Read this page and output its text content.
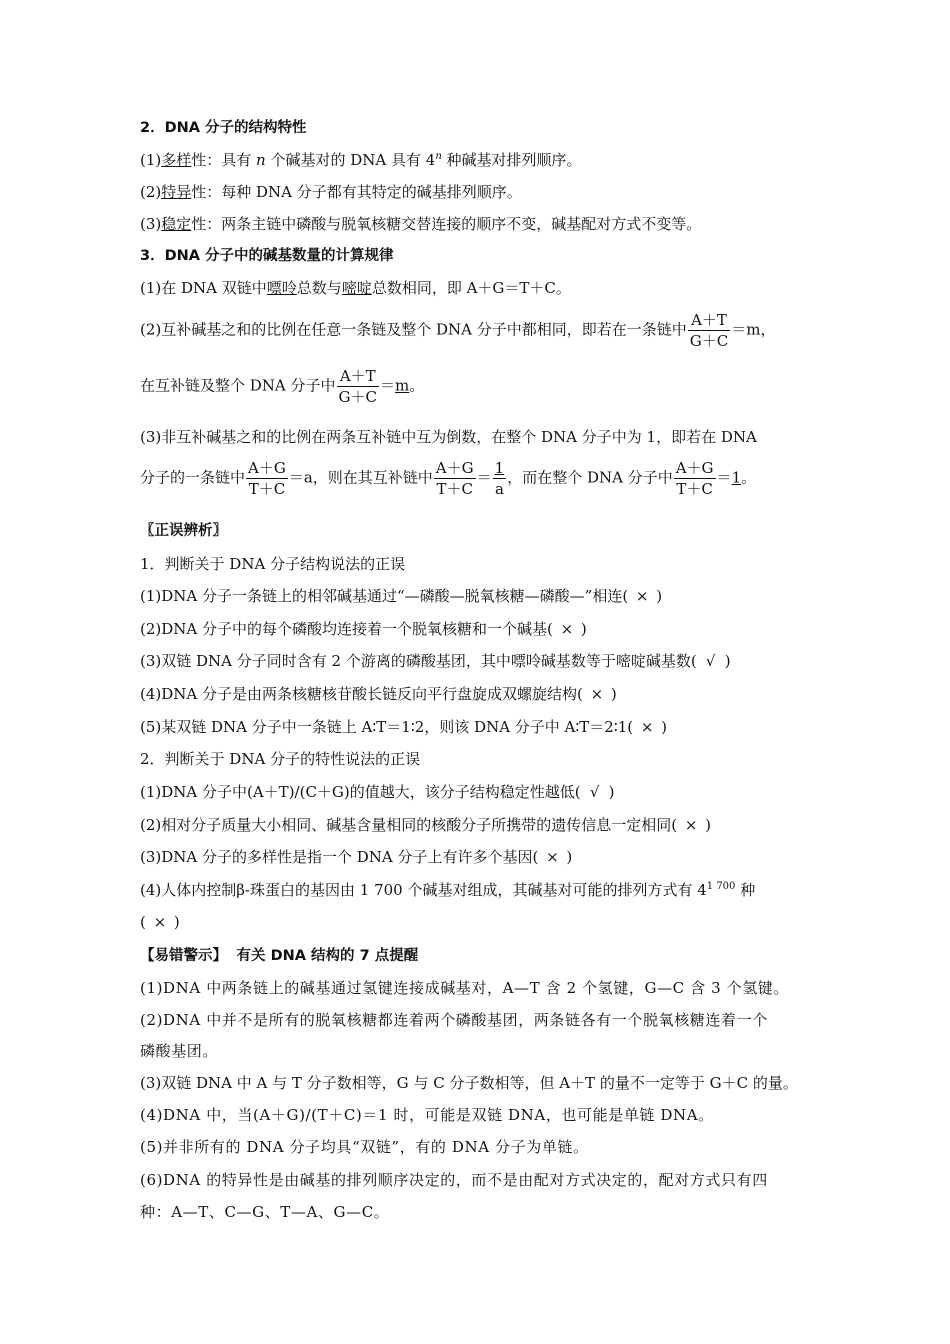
2．DNA 分子的结构特性
(1)多样性：具有 n 个碱基对的 DNA 具有 4$^n$ 种碱基对排列顺序。
(2)特异性：每种 DNA 分子都有其特定的碱基排列顺序。
(3)稳定性：两条主链中磷酸与脱氧核糖交替连接的顺序不变，碱基配对方式不变等。
3．DNA 分子中的碱基数量的计算规律
(1)在 DNA 双链中嘌呤总数与嘧啶总数相同，即 A＋G＝T＋C。
(2)互补碱基之和的比例在任意一条链及整个 DNA 分子中都相同，即若在一条链中 $\frac{A+T}{G+C} =m$，
在互补链及整个 DNA 分子中 $\frac{A+T}{G+C} =m$。
(3)非互补碱基之和的比例在两条互补链中互为倒数，在整个 DNA 分子中为 1，即若在 DNA
分子的一条链中 $\frac{A+G}{T+C} =a$，则在其互补链中 $\frac{A+G}{T+C} = \frac{1}{a}$ ，而在整个 DNA 分子中 $\frac{A+G}{T+C} =1$。
〖正误辨析〗
1．判断关于 DNA 分子结构说法的正误
(1)DNA 分子一条链上的相邻碱基通过“—磷酸—脱氧核糖—磷酸—”相连( × )
(2)DNA 分子中的每个磷酸均连接着一个脱氧核糖和一个碱基( × )
(3)双链 DNA 分子同时含有 2 个游离的磷酸基团，其中嘌呤碱基数等于嘧啶碱基数( √ )
(4)DNA 分子是由两条核糖核苷酸长链反向平行盘旋成双螺旋结构( × )
(5)某双链 DNA 分子中一条链上 A∶T＝1∶2，则该 DNA 分子中 A∶T＝2∶1( × )
2．判断关于 DNA 分子的特性说法的正误
(1)DNA 分子中(A＋T)/(C＋G)的值越大，该分子结构稳定性越低( √ )
(2)相对分子质量大小相同、碱基含量相同的核酸分子所携带的遗传信息一定相同( × )
(3)DNA 分子的多样性是指一个 DNA 分子上有许多个基因( × )
(4)人体内控制β-珠蛋白的基因由 1 700 个碱基对组成，其碱基对可能的排列方式有 $4^{1 700}$ 种
( × )
【易错警示】 有关 DNA 结构的 7 点提醒
(1)DNA 中两条链上的碱基通过氢键连接成碱基对，A—T 含 2 个氢键，G—C 含 3 个氢键。
(2)DNA 中并不是所有的脱氧核糖都连着两个磷酸基团，两条链各有一个脱氧核糖连着一个
磷酸基团。
(3)双链 DNA 中 A 与 T 分子数相等，G 与 C 分子数相等，但 A＋T 的量不一定等于 G＋C 的量。
(4)DNA 中，当(A＋G)/(T＋C)＝1 时，可能是双链 DNA，也可能是单链 DNA。
(5)并非所有的 DNA 分子均具“双链”，有的 DNA 分子为单链。
(6)DNA 的特异性是由碱基的排列顺序决定的，而不是由配对方式决定的，配对方式只有四
种：A—T、C—G、T—A、G—C。
